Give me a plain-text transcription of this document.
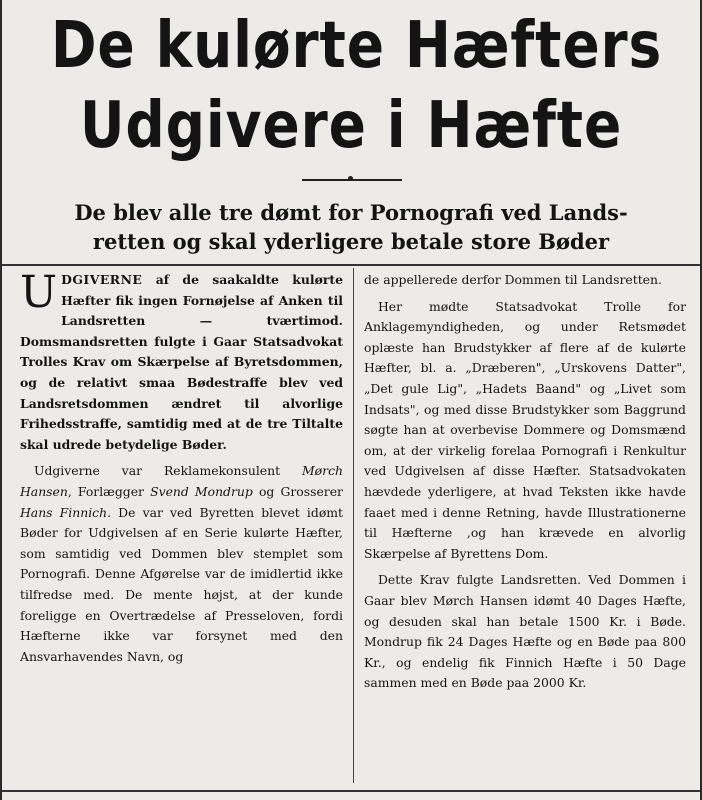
De kulørte Hæfters
Udgivere i Hæfte
De blev alle tre dømt for Pornografi ved Lands-
retten og skal yderligere betale store Bøder

UDGIVERNE af de saakaldte kulørte Hæfter fik ingen Fornøjelse af Anken til Landsretten — tværtimod. Domsmandsretten fulgte i Gaar Statsadvokat Trolles Krav om Skærpelse af Byretsdommen, og de relativt smaa Bødestraffe blev ved Landsretsdommen ændret til alvorlige Frihedsstraffe, samtidig med at de tre Tiltalte skal udrede betydelige Bøder.

Udgiverne var Reklamekonsulent Mørch Hansen, Forlægger Svend Mondrup og Grosserer Hans Finnich. De var ved Byretten blevet idømt Bøder for Udgivelsen af en Serie kulørte Hæfter, som samtidig ved Dommen blev stemplet som Pornografi. Denne Afgørelse var de imidlertid ikke tilfredse med. De mente højst, at der kunde foreligge en Overtrædelse af Presseloven, fordi Hæfterne ikke var forsynet med den Ansvarhavendes Navn, og

de appellerede derfor Dommen til Landsretten.

Her mødte Statsadvokat Trolle for Anklagemyndigheden, og under Retsmødet oplæste han Brudstykker af flere af de kulørte Hæfter, bl. a. „Dræberen", „Urskovens Datter", „Det gule Lig", „Hadets Baand" og „Livet som Indsats", og med disse Brudstykker som Baggrund søgte han at overbevise Dommere og Domsmænd om, at der virkelig forelaa Pornografi i Renkultur ved Udgivelsen af disse Hæfter. Statsadvokaten hævdede yderligere, at hvad Teksten ikke havde faaet med i denne Retning, havde Illustrationerne til Hæfterne ,og han krævede en alvorlig Skærpelse af Byrettens Dom.

Dette Krav fulgte Landsretten. Ved Dommen i Gaar blev Mørch Hansen idømt 40 Dages Hæfte, og desuden skal han betale 1500 Kr. i Bøde. Mondrup fik 24 Dages Hæfte og en Bøde paa 800 Kr., og endelig fik Finnich Hæfte i 50 Dage sammen med en Bøde paa 2000 Kr.
